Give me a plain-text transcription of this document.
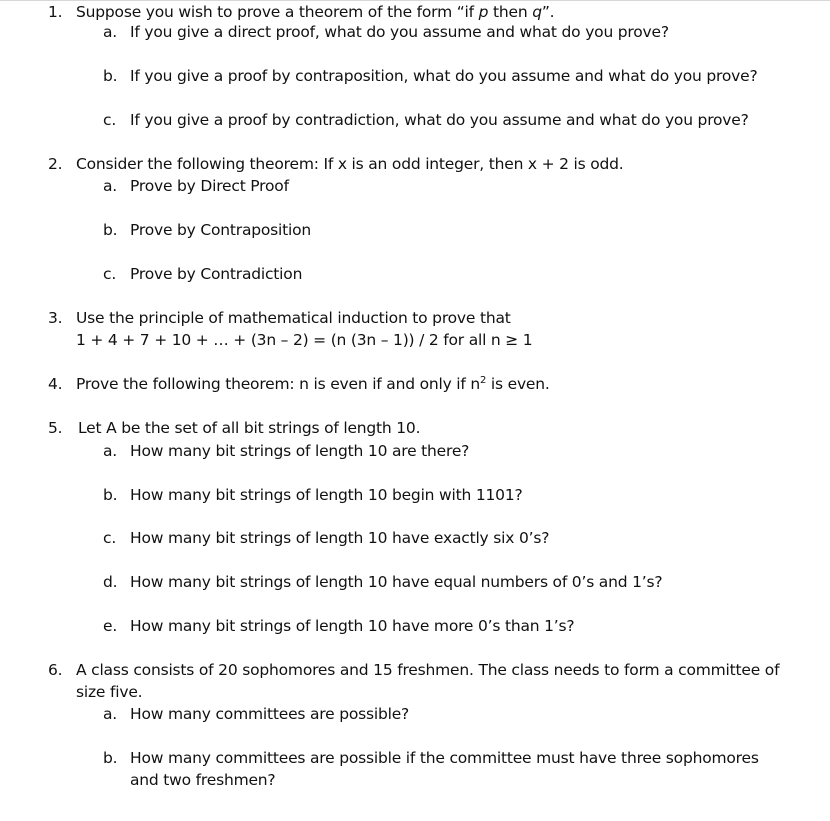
1. Suppose you wish to prove a theorem of the form “if p then q”.
a. If you give a direct proof, what do you assume and what do you prove?
b. If you give a proof by contraposition, what do you assume and what do you prove?
c. If you give a proof by contradiction, what do you assume and what do you prove?
2. Consider the following theorem: If x is an odd integer, then x + 2 is odd.
a. Prove by Direct Proof
b. Prove by Contraposition
c. Prove by Contradiction
3. Use the principle of mathematical induction to prove that
1 + 4 + 7 + 10 + … + (3n – 2) = (n (3n – 1)) / 2 for all n ≥ 1
4. Prove the following theorem: n is even if and only if $n^2$ is even.
5. Let A be the set of all bit strings of length 10.
a. How many bit strings of length 10 are there?
b. How many bit strings of length 10 begin with 1101?
c. How many bit strings of length 10 have exactly six 0’s?
d. How many bit strings of length 10 have equal numbers of 0’s and 1’s?
e. How many bit strings of length 10 have more 0’s than 1’s?
6. A class consists of 20 sophomores and 15 freshmen. The class needs to form a committee of
size five.
a. How many committees are possible?
b. How many committees are possible if the committee must have three sophomores
and two freshmen?
